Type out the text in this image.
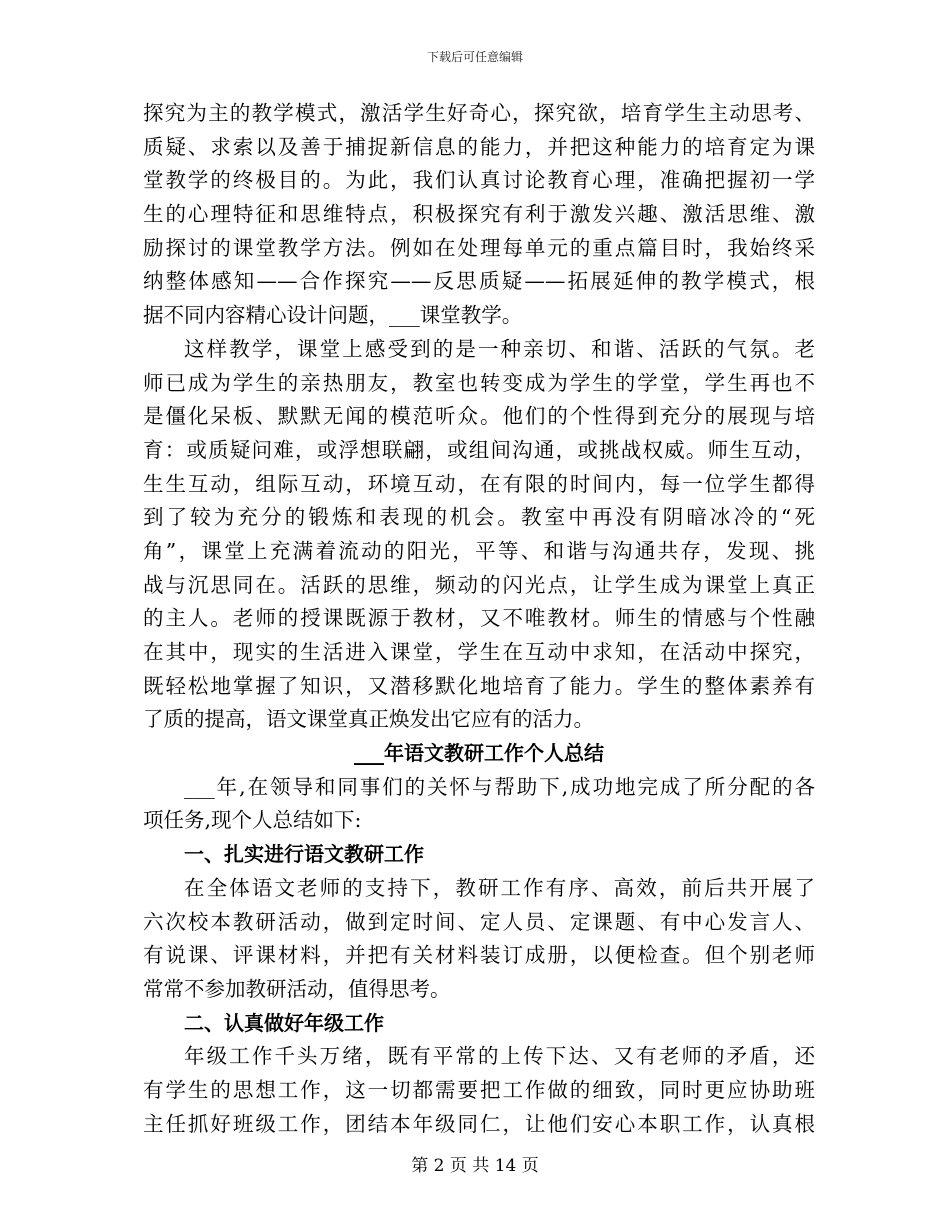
下载后可任意编辑
探究为主的教学模式，激活学生好奇心，探究欲，培育学生主动思考、
质疑、求索以及善于捕捉新信息的能力，并把这种能力的培育定为课
堂教学的终极目的。为此，我们认真讨论教育心理，准确把握初一学
生的心理特征和思维特点，积极探究有利于激发兴趣、激活思维、激
励探讨的课堂教学方法。例如在处理每单元的重点篇目时，我始终采
纳整体感知——合作探究——反思质疑——拓展延伸的教学模式，根
据不同内容精心设计问题，___课堂教学。
这样教学，课堂上感受到的是一种亲切、和谐、活跃的气氛。老
师已成为学生的亲热朋友，教室也转变成为学生的学堂，学生再也不
是僵化呆板、默默无闻的模范听众。他们的个性得到充分的展现与培
育：或质疑问难，或浮想联翩，或组间沟通，或挑战权威。师生互动，
生生互动，组际互动，环境互动，在有限的时间内，每一位学生都得
到了较为充分的锻炼和表现的机会。教室中再没有阴暗冰冷的“死
角”，课堂上充满着流动的阳光，平等、和谐与沟通共存，发现、挑
战与沉思同在。活跃的思维，频动的闪光点，让学生成为课堂上真正
的主人。老师的授课既源于教材，又不唯教材。师生的情感与个性融
在其中，现实的生活进入课堂，学生在互动中求知，在活动中探究，
既轻松地掌握了知识，又潜移默化地培育了能力。学生的整体素养有
了质的提高，语文课堂真正焕发出它应有的活力。
___年语文教研工作个人总结
___年,在领导和同事们的关怀与帮助下,成功地完成了所分配的各
项任务,现个人总结如下:
一、扎实进行语文教研工作
在全体语文老师的支持下，教研工作有序、高效，前后共开展了
六次校本教研活动，做到定时间、定人员、定课题、有中心发言人、
有说课、评课材料，并把有关材料装订成册，以便检查。但个别老师
常常不参加教研活动，值得思考。
二、认真做好年级工作
年级工作千头万绪，既有平常的上传下达、又有老师的矛盾，还
有学生的思想工作，这一切都需要把工作做的细致，同时更应协助班
主任抓好班级工作，团结本年级同仁，让他们安心本职工作，认真根
第 2 页 共 14 页
